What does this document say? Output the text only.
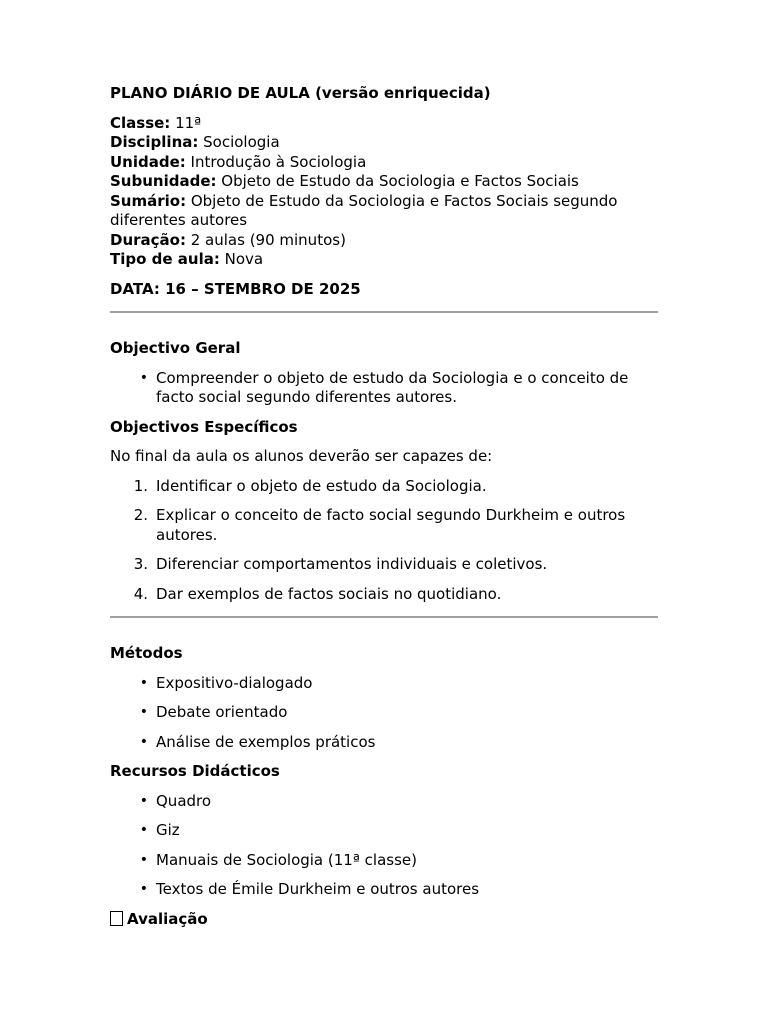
PLANO DIÁRIO DE AULA (versão enriquecida)

Classe: 11ª

Disciplina: Sociologia

Unidade: Introdução à Sociologia

Subunidade: Objeto de Estudo da Sociologia e Factos Sociais

Sumário: Objeto de Estudo da Sociologia e Factos Sociais segundo diferentes autores

Duração: 2 aulas (90 minutos)

Tipo de aula: Nova

DATA: 16 – STEMBRO DE 2025

Objectivo Geral

• Compreender o objeto de estudo da Sociologia e o conceito de facto social segundo diferentes autores.

Objectivos Específicos

No final da aula os alunos deverão ser capazes de:

1. Identificar o objeto de estudo da Sociologia.
2. Explicar o conceito de facto social segundo Durkheim e outros autores.
3. Diferenciar comportamentos individuais e coletivos.
4. Dar exemplos de factos sociais no quotidiano.

Métodos

• Expositivo-dialogado
• Debate orientado
• Análise de exemplos práticos

Recursos Didácticos

• Quadro
• Giz
• Manuais de Sociologia (11ª classe)
• Textos de Émile Durkheim e outros autores

Avaliação
